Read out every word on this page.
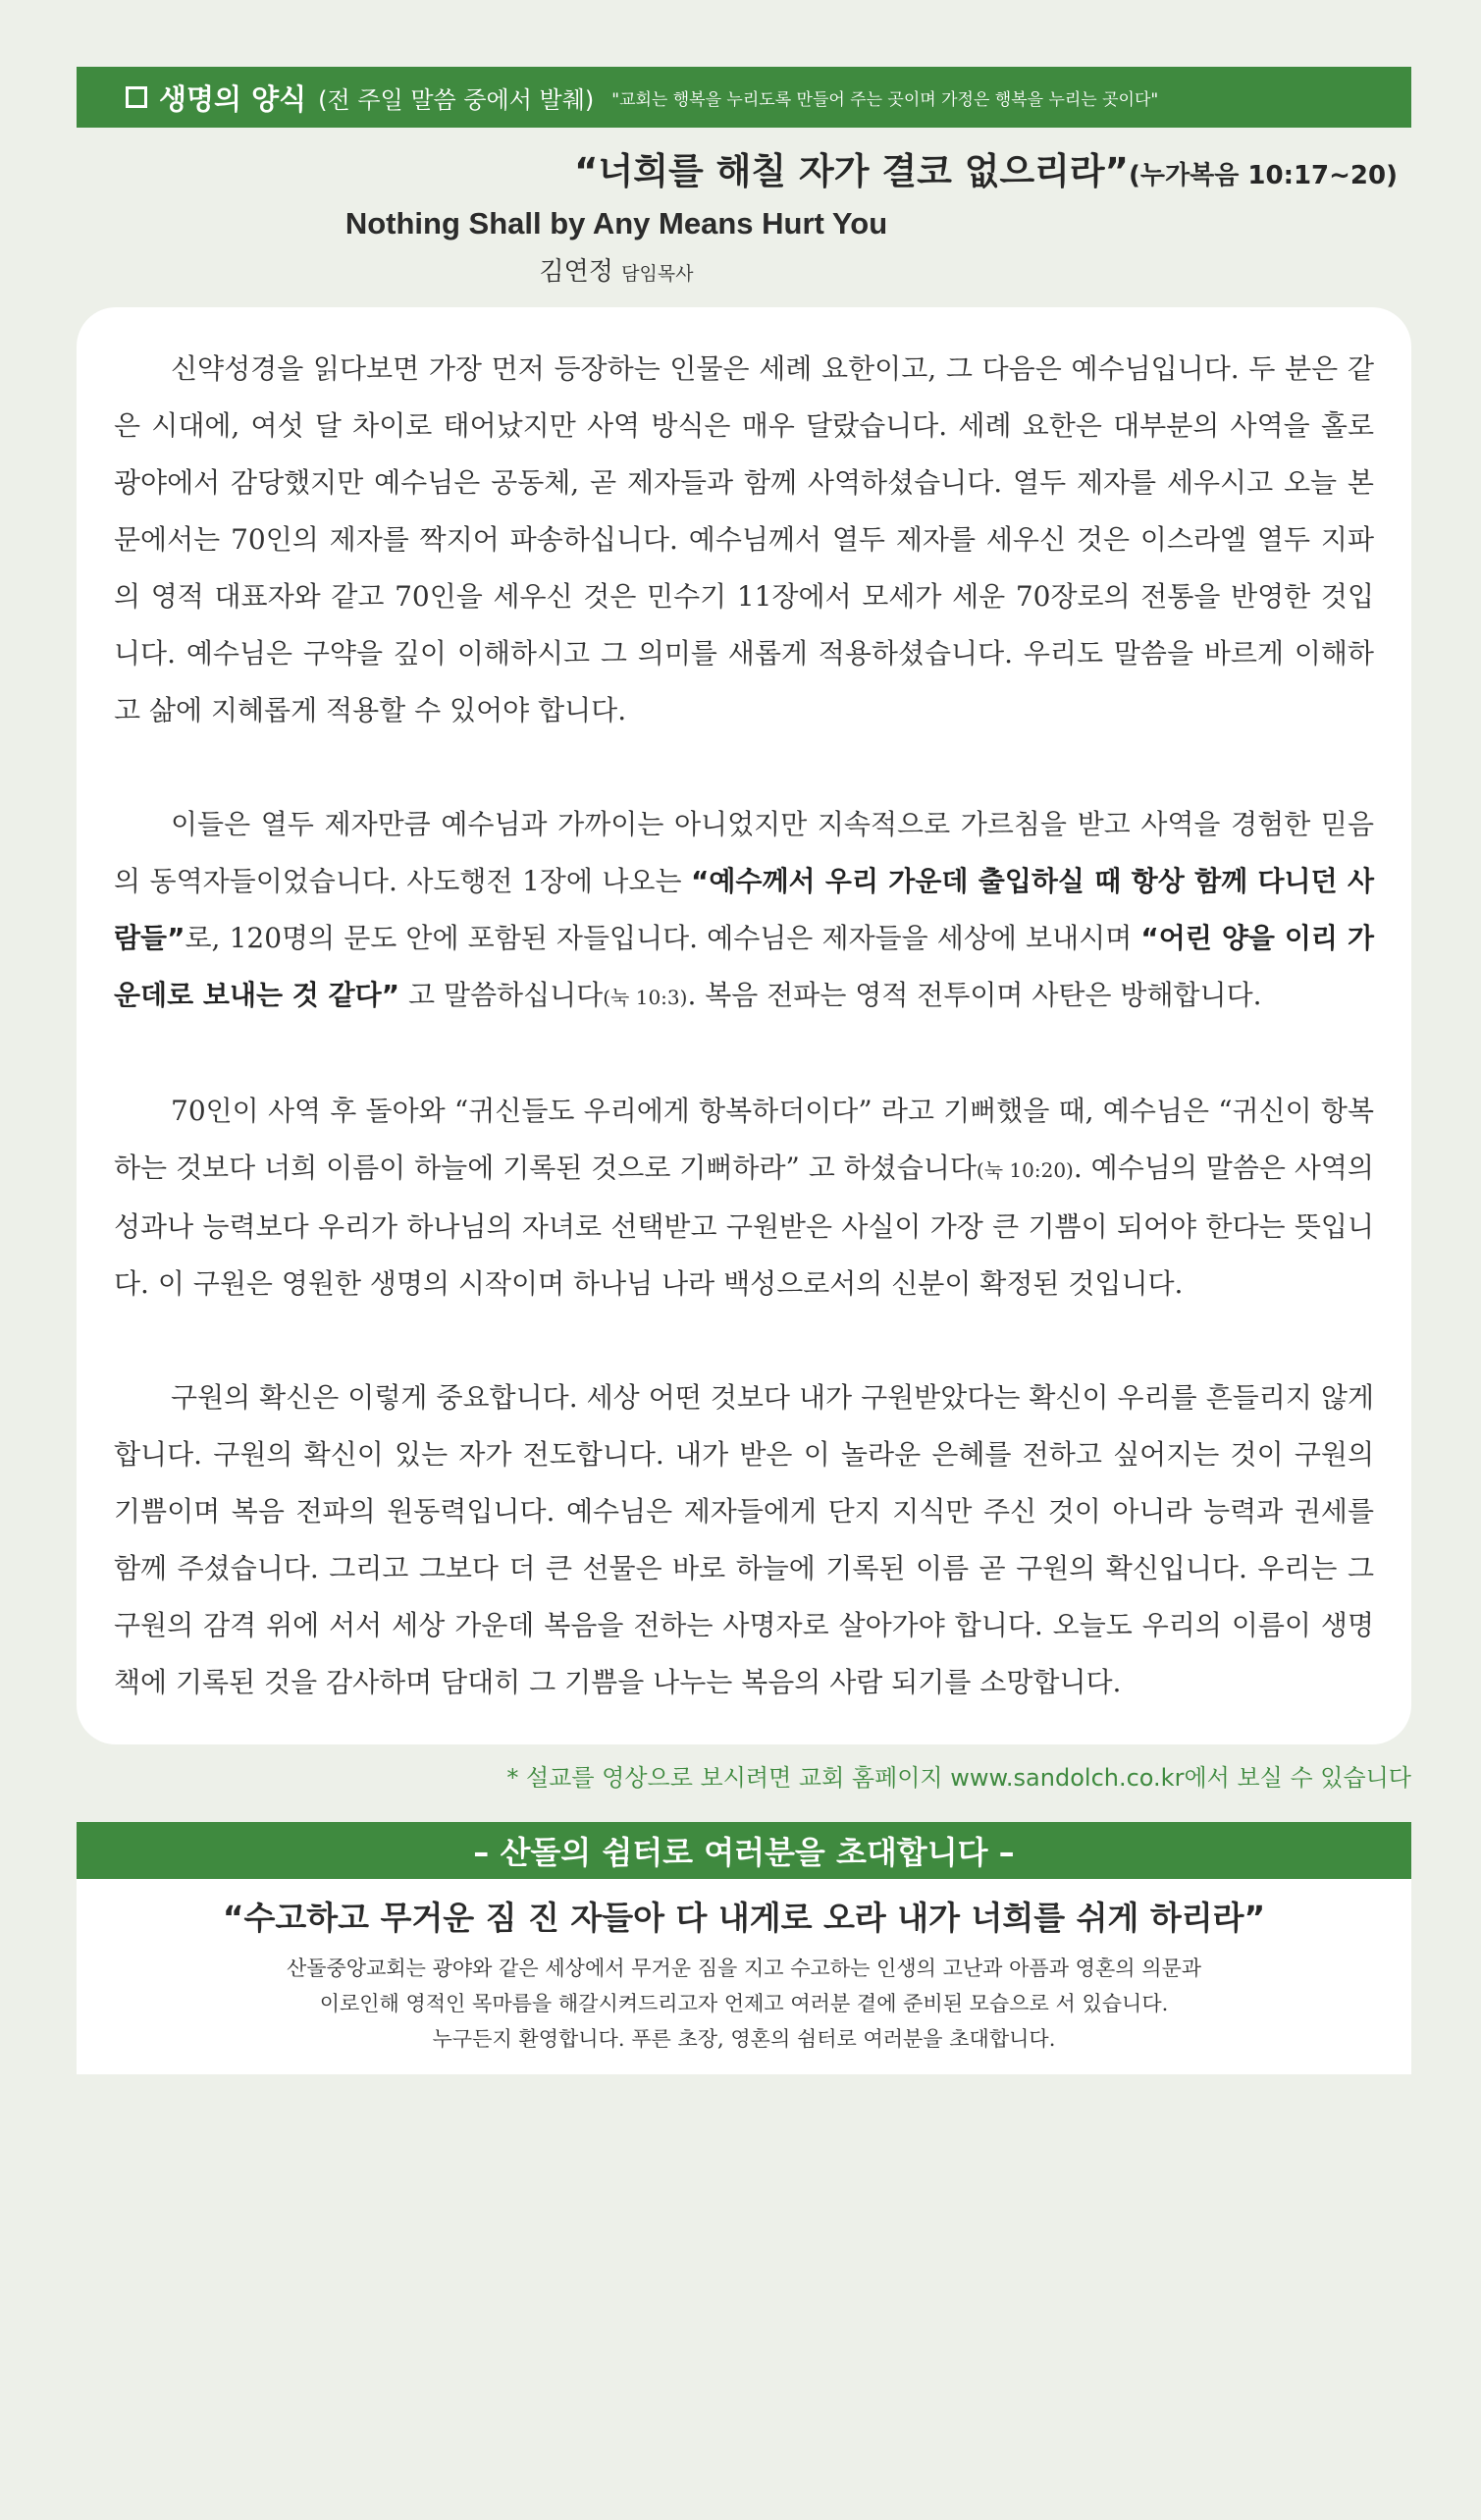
생명의 양식 (전 주일 말씀 중에서 발췌) "교회는 행복을 누리도록 만들어 주는 곳이며 가정은 행복을 누리는 곳이다"
“너희를 해칠 자가 결코 없으리라”(누가복음 10:17∼20)
Nothing Shall by Any Means Hurt You
김연정 담임목사

신약성경을 읽다보면 가장 먼저 등장하는 인물은 세례 요한이고, 그 다음은 예수님입니다. 두 분은 같은 시대에, 여섯 달 차이로 태어났지만 사역 방식은 매우 달랐습니다. 세례 요한은 대부분의 사역을 홀로 광야에서 감당했지만 예수님은 공동체, 곧 제자들과 함께 사역하셨습니다. 열두 제자를 세우시고 오늘 본문에서는 70인의 제자를 짝지어 파송하십니다. 예수님께서 열두 제자를 세우신 것은 이스라엘 열두 지파의 영적 대표자와 같고 70인을 세우신 것은 민수기 11장에서 모세가 세운 70장로의 전통을 반영한 것입니다. 예수님은 구약을 깊이 이해하시고 그 의미를 새롭게 적용하셨습니다. 우리도 말씀을 바르게 이해하고 삶에 지혜롭게 적용할 수 있어야 합니다.

이들은 열두 제자만큼 예수님과 가까이는 아니었지만 지속적으로 가르침을 받고 사역을 경험한 믿음의 동역자들이었습니다. 사도행전 1장에 나오는 “예수께서 우리 가운데 출입하실 때 항상 함께 다니던 사람들”로, 120명의 문도 안에 포함된 자들입니다. 예수님은 제자들을 세상에 보내시며 “어린 양을 이리 가운데로 보내는 것 같다” 고 말씀하십니다(눅 10:3). 복음 전파는 영적 전투이며 사탄은 방해합니다.

70인이 사역 후 돌아와 “귀신들도 우리에게 항복하더이다” 라고 기뻐했을 때, 예수님은 “귀신이 항복하는 것보다 너희 이름이 하늘에 기록된 것으로 기뻐하라” 고 하셨습니다(눅 10:20). 예수님의 말씀은 사역의 성과나 능력보다 우리가 하나님의 자녀로 선택받고 구원받은 사실이 가장 큰 기쁨이 되어야 한다는 뜻입니다. 이 구원은 영원한 생명의 시작이며 하나님 나라 백성으로서의 신분이 확정된 것입니다.

구원의 확신은 이렇게 중요합니다. 세상 어떤 것보다 내가 구원받았다는 확신이 우리를 흔들리지 않게 합니다. 구원의 확신이 있는 자가 전도합니다. 내가 받은 이 놀라운 은혜를 전하고 싶어지는 것이 구원의 기쁨이며 복음 전파의 원동력입니다. 예수님은 제자들에게 단지 지식만 주신 것이 아니라 능력과 권세를 함께 주셨습니다. 그리고 그보다 더 큰 선물은 바로 하늘에 기록된 이름 곧 구원의 확신입니다. 우리는 그 구원의 감격 위에 서서 세상 가운데 복음을 전하는 사명자로 살아가야 합니다. 오늘도 우리의 이름이 생명책에 기록된 것을 감사하며 담대히 그 기쁨을 나누는 복음의 사람 되기를 소망합니다.

* 설교를 영상으로 보시려면 교회 홈페이지 www.sandolch.co.kr에서 보실 수 있습니다
– 산돌의 쉼터로 여러분을 초대합니다 –
“수고하고 무거운 짐 진 자들아 다 내게로 오라 내가 너희를 쉬게 하리라”
산돌중앙교회는 광야와 같은 세상에서 무거운 짐을 지고 수고하는 인생의 고난과 아픔과 영혼의 의문과
이로인해 영적인 목마름을 해갈시켜드리고자 언제고 여러분 곁에 준비된 모습으로 서 있습니다.
누구든지 환영합니다. 푸른 초장, 영혼의 쉼터로 여러분을 초대합니다.
